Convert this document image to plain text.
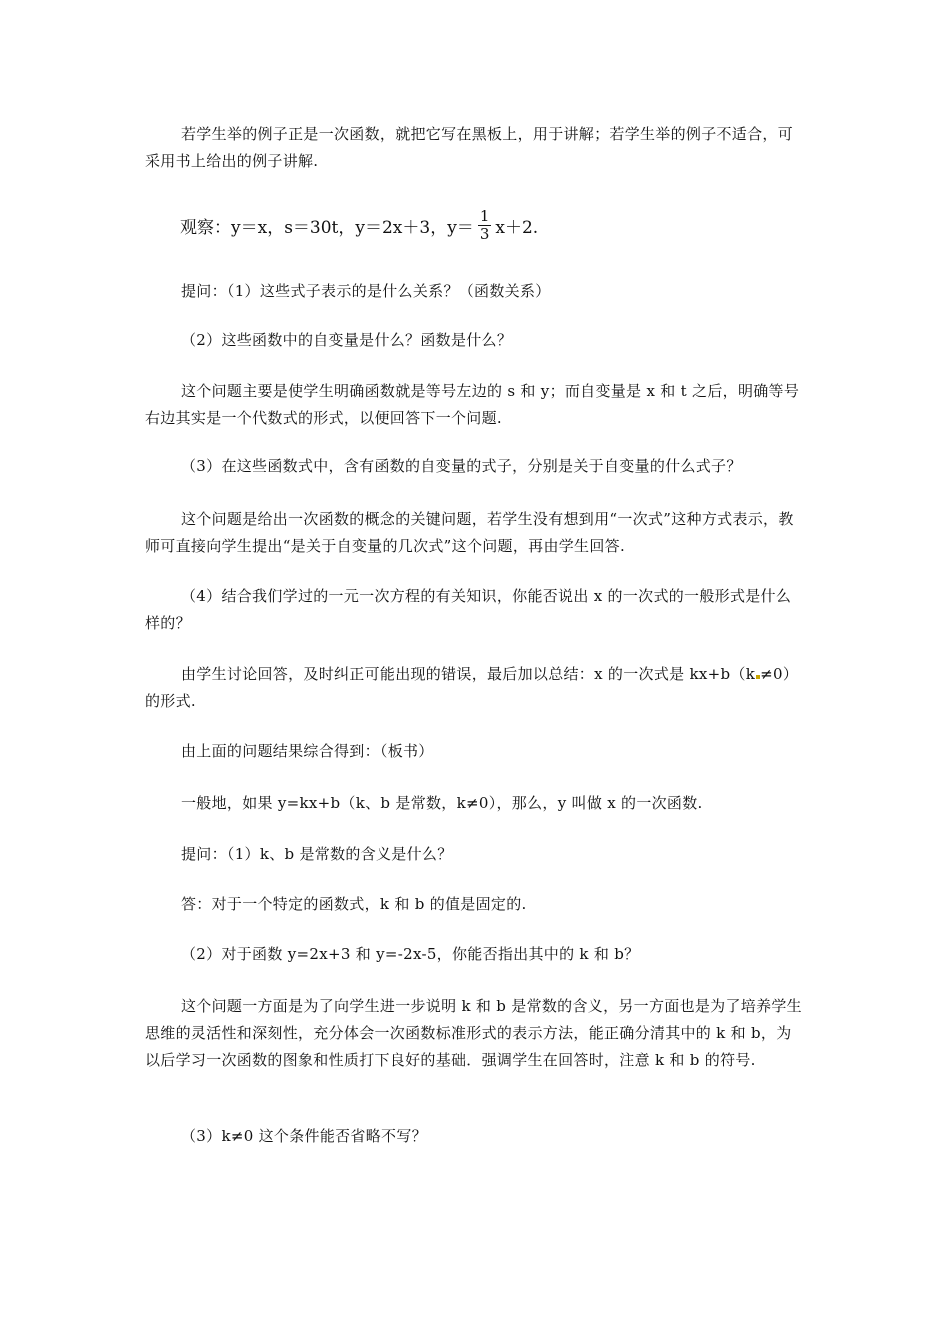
若学生举的例子正是一次函数，就把它写在黑板上，用于讲解；若学生举的例子不适合，可采用书上给出的例子讲解.

观察： y＝x，s＝30t，y＝2x＋3，$y= \frac{1}{3} x+2$.

提问：（1）这些式子表示的是什么关系？（函数关系）

（2）这些函数中的自变量是什么？函数是什么？

这个问题主要是使学生明确函数就是等号左边的 s 和 y；而自变量是 x 和 t 之后，明确等号右边其实是一个代数式的形式，以便回答下一个问题.

（3）在这些函数式中，含有函数的自变量的式子，分别是关于自变量的什么式子？

这个问题是给出一次函数的概念的关键问题，若学生没有想到用“一次式”这种方式表示，教师可直接向学生提出“是关于自变量的几次式”这个问题，再由学生回答.

（4）结合我们学过的一元一次方程的有关知识，你能否说出 x 的一次式的一般形式是什么样的？

由学生讨论回答，及时纠正可能出现的错误，最后加以总结：x 的一次式是 kx+b（k ≠0）的形式.

由上面的问题结果综合得到：（板书）

一般地，如果 y=kx+b（k、b 是常数，k≠0），那么，y 叫做 x 的一次函数.

提问：（1）k、b 是常数的含义是什么？

答：对于一个特定的函数式，k 和 b 的值是固定的.

（2）对于函数 y=2x+3 和 y=-2x-5，你能否指出其中的 k 和 b？

这个问题一方面是为了向学生进一步说明 k 和 b 是常数的含义，另一方面也是为了培养学生思维的灵活性和深刻性，充分体会一次函数标准形式的表示方法，能正确分清其中的 k 和 b，为以后学习一次函数的图象和性质打下良好的基础．强调学生在回答时，注意 k 和 b 的符号.

（3）k≠0 这个条件能否省略不写？
